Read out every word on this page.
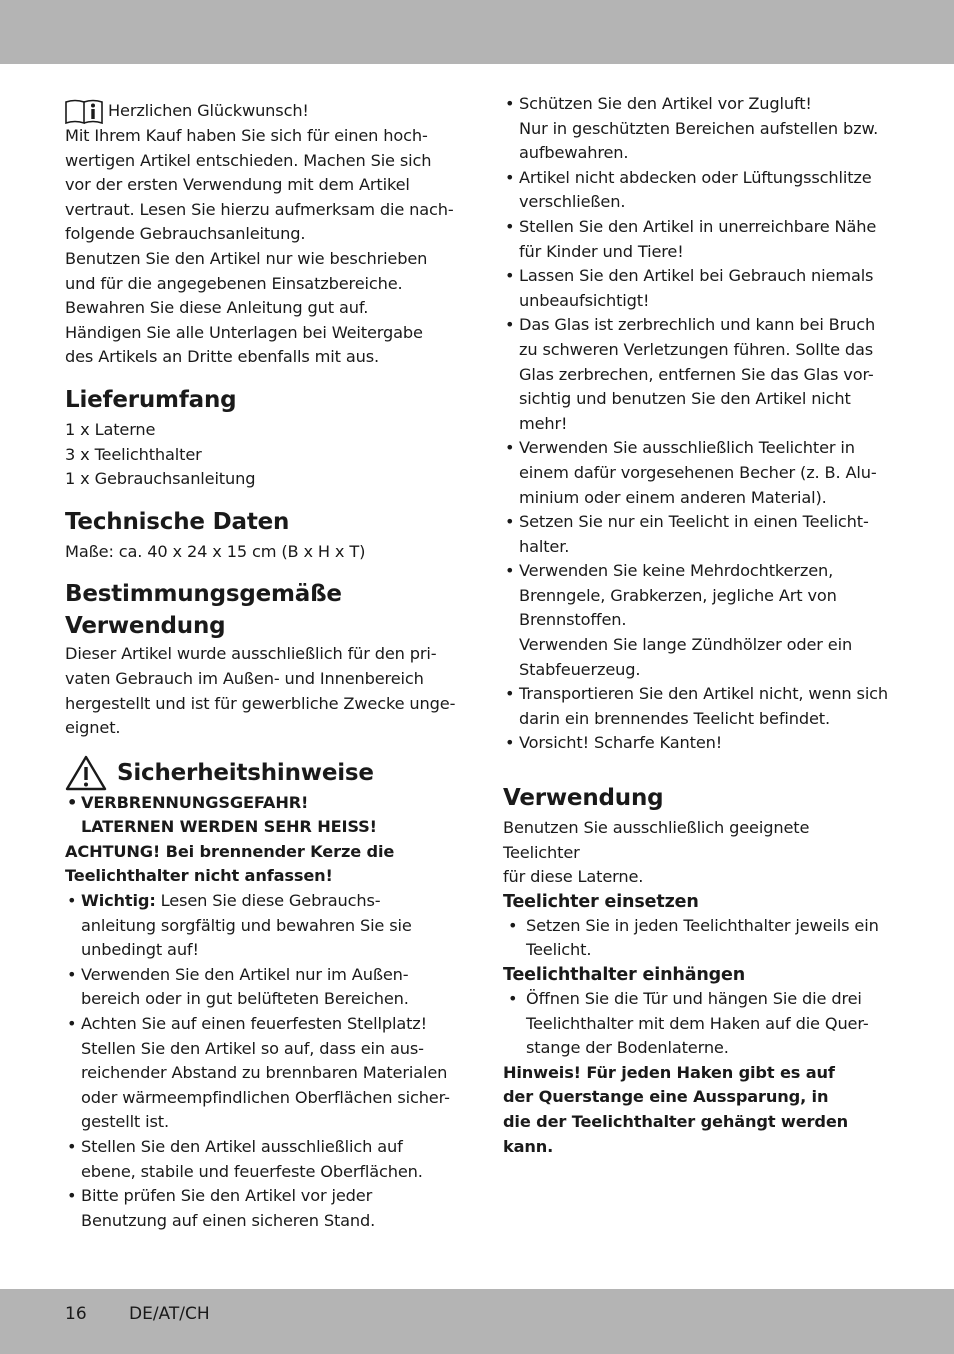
Herzlichen Glückwunsch!

Mit Ihrem Kauf haben Sie sich für einen hoch-

wertigen Artikel entschieden. Machen Sie sich

vor der ersten Verwendung mit dem Artikel

vertraut. Lesen Sie hierzu aufmerksam die nach-

folgende Gebrauchsanleitung.

Benutzen Sie den Artikel nur wie beschrieben

und für die angegebenen Einsatzbereiche.

Bewahren Sie diese Anleitung gut auf.

Händigen Sie alle Unterlagen bei Weitergabe

des Artikels an Dritte ebenfalls mit aus.

Lieferumfang

1 x Laterne

3 x Teelichthalter

1 x Gebrauchsanleitung

Technische Daten

Maße: ca. 40 x 24 x 15 cm (B x H x T)

Bestimmungsgemäße
Verwendung

Dieser Artikel wurde ausschließlich für den pri-

vaten Gebrauch im Außen- und Innenbereich

hergestellt und ist für gewerbliche Zwecke unge-

eignet.

Sicherheitshinweise
• VERBRENNUNGSGEFAHR!
LATERNEN WERDEN SEHR HEISS!

ACHTUNG! Bei brennender Kerze die

Teelichthalter nicht anfassen!

• Wichtig: Lesen Sie diese Gebrauchs-
anleitung sorgfältig und bewahren Sie sie
unbedingt auf!
• Verwenden Sie den Artikel nur im Außen-
bereich oder in gut belüfteten Bereichen.
• Achten Sie auf einen feuerfesten Stellplatz!
Stellen Sie den Artikel so auf, dass ein aus-
reichender Abstand zu brennbaren Materialen
oder wärmeempfindlichen Oberflächen sicher-
gestellt ist.
• Stellen Sie den Artikel ausschließlich auf
ebene, stabile und feuerfeste Oberflächen.
• Bitte prüfen Sie den Artikel vor jeder
Benutzung auf einen sicheren Stand.
• Schützen Sie den Artikel vor Zugluft!
Nur in geschützten Bereichen aufstellen bzw.
aufbewahren.
• Artikel nicht abdecken oder Lüftungsschlitze
verschließen.
• Stellen Sie den Artikel in unerreichbare Nähe
für Kinder und Tiere!
• Lassen Sie den Artikel bei Gebrauch niemals
unbeaufsichtigt!
• Das Glas ist zerbrechlich und kann bei Bruch
zu schweren Verletzungen führen. Sollte das
Glas zerbrechen, entfernen Sie das Glas vor-
sichtig und benutzen Sie den Artikel nicht
mehr!
• Verwenden Sie ausschließlich Teelichter in
einem dafür vorgesehenen Becher (z. B. Alu-
minium oder einem anderen Material).
• Setzen Sie nur ein Teelicht in einen Teelicht-
halter.
• Verwenden Sie keine Mehrdochtkerzen,
Brenngele, Grabkerzen, jegliche Art von
Brennstoffen.
Verwenden Sie lange Zündhölzer oder ein
Stabfeuerzeug.
• Transportieren Sie den Artikel nicht, wenn sich
darin ein brennendes Teelicht befindet.
• Vorsicht! Scharfe Kanten!
Verwendung

Benutzen Sie ausschließlich geeignete Teelichter

für diese Laterne.

Teelichter einsetzen
• Setzen Sie in jeden Teelichthalter jeweils ein
Teelicht.
Teelichthalter einhängen
• Öffnen Sie die Tür und hängen Sie die drei
Teelichthalter mit dem Haken auf die Quer-
stange der Bodenlaterne.

Hinweis! Für jeden Haken gibt es auf

der Querstange eine Aussparung, in

die der Teelichthalter gehängt werden

kann.

16 DE/AT/CH
